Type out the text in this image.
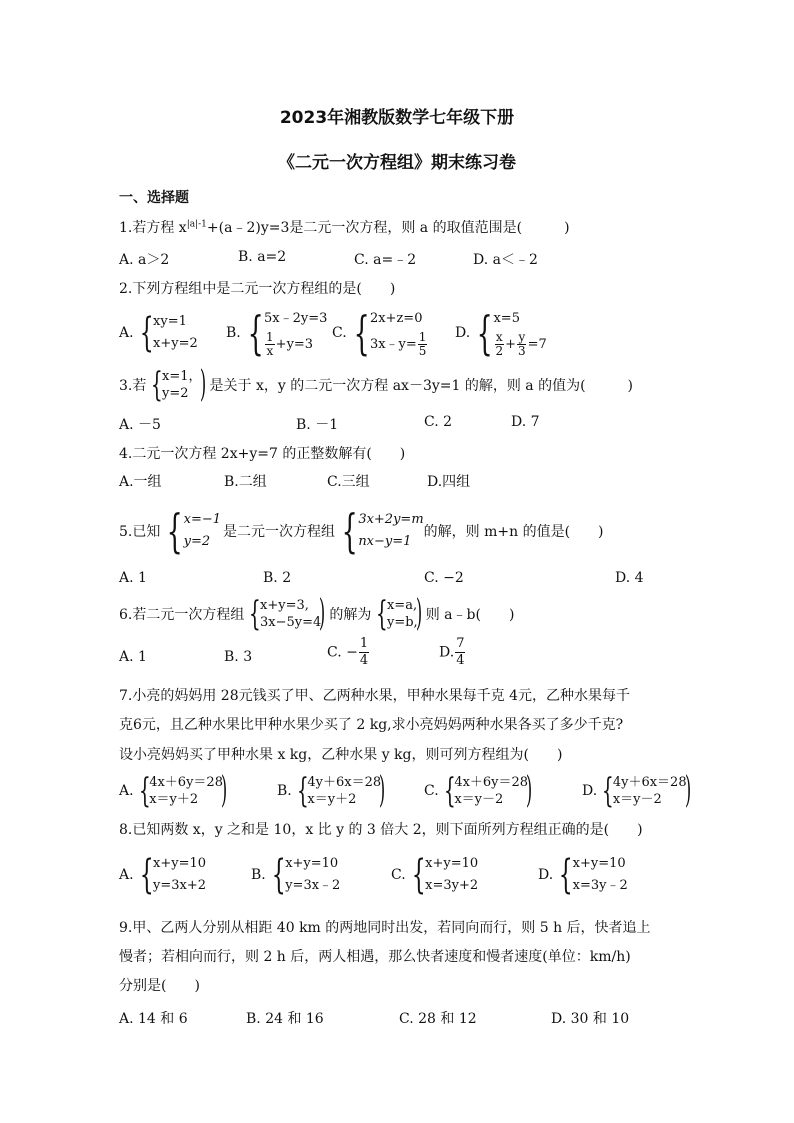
2023年湘教版数学七年级下册
《二元一次方程组》期末练习卷
一、选择题
1.若方程 $x^{|a|-1}+(a﹣2)y=3$是二元一次方程，则 a 的取值范围是(　　　)
A. a＞2	B. a=2	C. a=﹣2	D. a＜﹣2
2.下列方程组中是二元一次方程组的是(　　)
A. { xy=1
x+y=2
B. { 5x﹣2y=3
$\frac{1}{x} +y=3$
C. { 2x+z=0
3x﹣y= $\frac{1}{5} D$. { x=5
$\frac{x}{2} + \frac{y}{3} =7$
3.若 {
x=1，
y=2 ) 是关于 x，y 的二元一次方程 ax－3y=1 的解，则 a 的值为(　　　)
A. －5	B. －1	C. 2	D. 7
4.二元一次方程 2x+y=7 的正整数解有(　　)
A.一组	B.二组	C.三组	D.四组
5.已知 { x=−1
y=2
是二元一次方程组 { 3x+2y=m
nx−y=1
的解，则 m+n 的值是(　　)
A. 1	B. 2	C. −2	D. 4
6.若二元一次方程组 {
x+y=3,
3x−5y=4
) 的解为 {
x=a,
y=b,
) 则 a﹣b(　　)
A. 1	B. 3	C. − $\frac{1}{4}$	D. $\frac{7}{4}$
7.小亮的妈妈用 28元钱买了甲、乙两种水果，甲种水果每千克 4元，乙种水果每千
克6元，且乙种水果比甲种水果少买了 2 kg,求小亮妈妈两种水果各买了多少千克?
设小亮妈妈买了甲种水果 x kg，乙种水果 y kg，则可列方程组为(　　)
A. {
4x＋6y＝28
x＝y＋2 )	B. {
4y＋6x＝28
x＝y＋2 )	C. {
4x＋6y＝28
x＝y－2 )	D. {
4y＋6x＝28
x＝y－2 )
8.已知两数 x，y 之和是 10，x 比 y 的 3 倍大 2，则下面所列方程组正确的是(　　)
A. { x+y=10
y=3x+2
B. { x+y=10
y=3x﹣2
C. { x+y=10
x=3y+2
D. { x+y=10
x=3y﹣2
9.甲、乙两人分别从相距 40 km 的两地同时出发，若同向而行，则 5 h 后，快者追上
慢者；若相向而行，则 2 h 后，两人相遇，那么快者速度和慢者速度(单位：km/h)
分别是(　　)
A. 14 和 6	B. 24 和 16	C. 28 和 12	D. 30 和 10
